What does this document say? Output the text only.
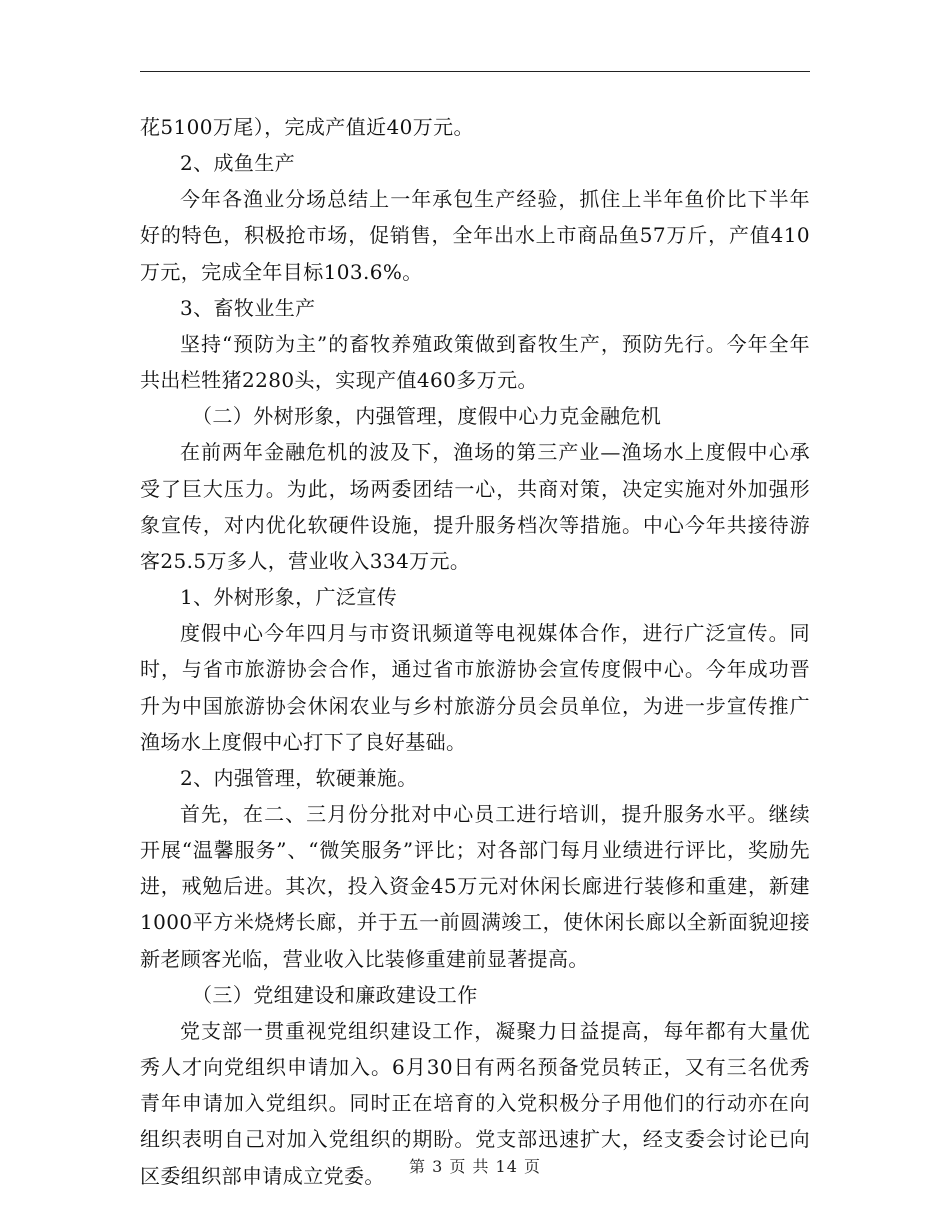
花5100万尾），完成产值近40万元。

2、成鱼生产

今年各渔业分场总结上一年承包生产经验，抓住上半年鱼价比下半年好的特色，积极抢市场，促销售，全年出水上市商品鱼57万斤，产值410万元，完成全年目标103.6%。

3、畜牧业生产

坚持“预防为主”的畜牧养殖政策做到畜牧生产，预防先行。今年全年共出栏牲猪2280头，实现产值460多万元。

（二）外树形象，内强管理，度假中心力克金融危机

在前两年金融危机的波及下，渔场的第三产业—渔场水上度假中心承受了巨大压力。为此，场两委团结一心，共商对策，决定实施对外加强形象宣传，对内优化软硬件设施，提升服务档次等措施。中心今年共接待游客25.5万多人，营业收入334万元。

1、外树形象，广泛宣传

度假中心今年四月与市资讯频道等电视媒体合作，进行广泛宣传。同时，与省市旅游协会合作，通过省市旅游协会宣传度假中心。今年成功晋升为中国旅游协会休闲农业与乡村旅游分员会员单位，为进一步宣传推广渔场水上度假中心打下了良好基础。

2、内强管理，软硬兼施。

首先，在二、三月份分批对中心员工进行培训，提升服务水平。继续开展“温馨服务”、“微笑服务”评比；对各部门每月业绩进行评比，奖励先进，戒勉后进。其次，投入资金45万元对休闲长廊进行装修和重建，新建1000平方米烧烤长廊，并于五一前圆满竣工，使休闲长廊以全新面貌迎接新老顾客光临，营业收入比装修重建前显著提高。

（三）党组建设和廉政建设工作

党支部一贯重视党组织建设工作，凝聚力日益提高，每年都有大量优秀人才向党组织申请加入。6月30日有两名预备党员转正，又有三名优秀青年申请加入党组织。同时正在培育的入党积极分子用他们的行动亦在向组织表明自己对加入党组织的期盼。党支部迅速扩大，经支委会讨论已向区委组织部申请成立党委。	第 3 页 共 14 页
